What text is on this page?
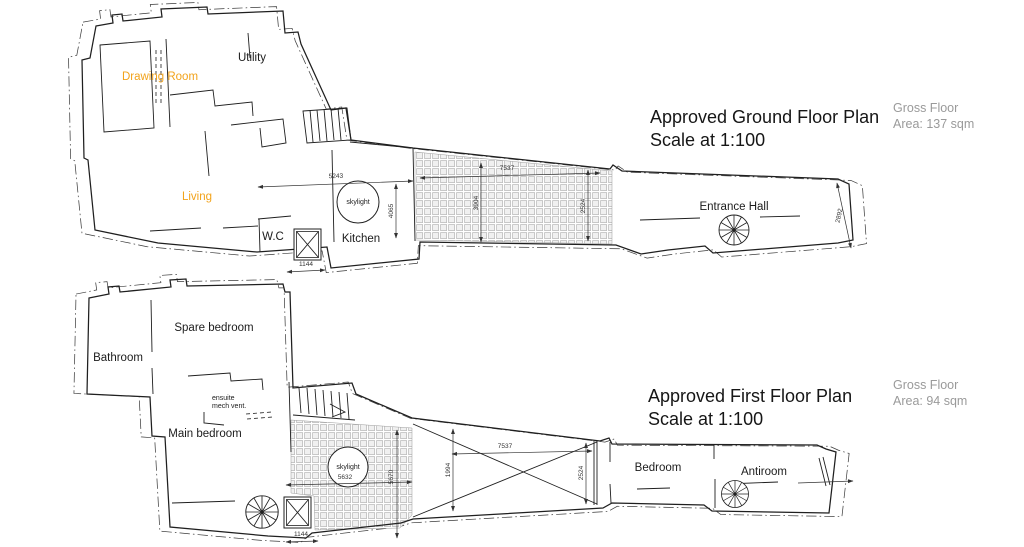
5243
4065
7537
3904	2524
2892
1144
Drawing Room
Utility
Living
W.C	Kitchen
skylight	Entrance Hall
5632	5670
7537
1994	2524
1144
Spare bedroom
Bathroom
ensuite
mech vent.
Main bedroom
skylight	Bedroom	Antiroom
Approved Ground Floor Plan
Scale at 1:100
Gross Floor
Area: 137 sqm
Approved First Floor Plan
Scale at 1:100
Gross Floor
Area: 94 sqm
